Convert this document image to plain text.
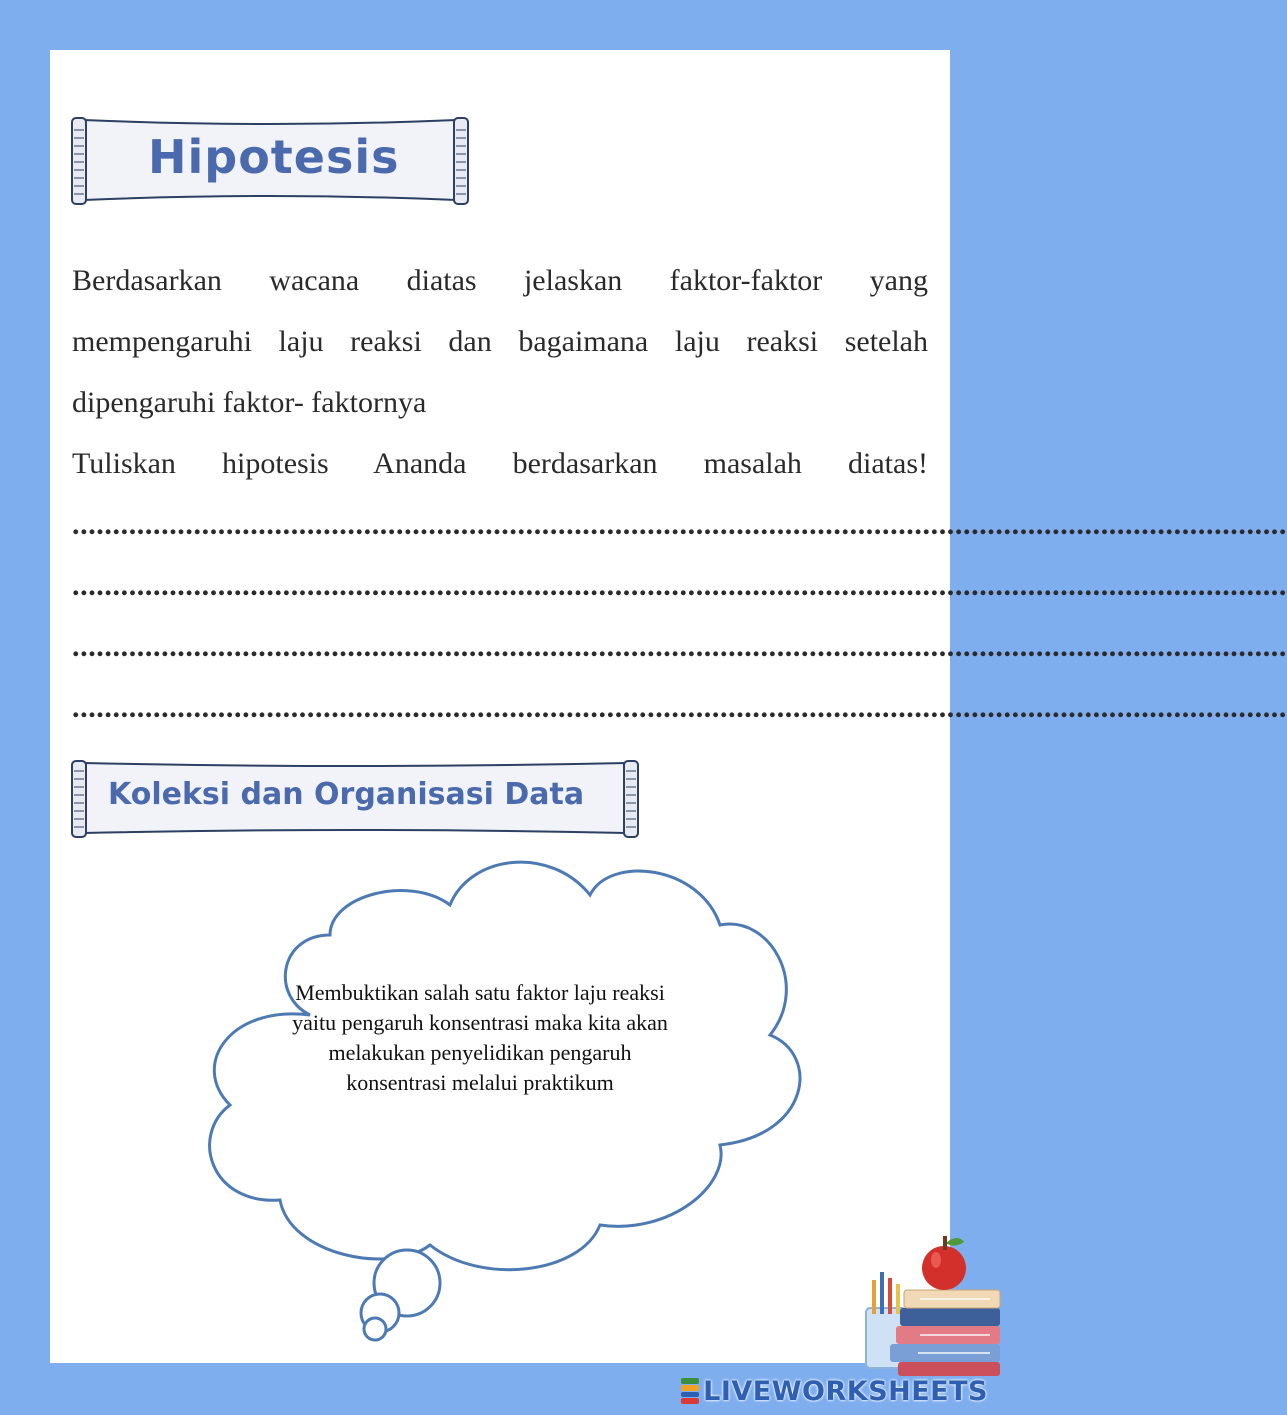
Hipotesis

Berdasarkan wacana diatas jelaskan faktor-faktor yang

mempengaruhi laju reaksi dan bagaimana laju reaksi setelah

dipengaruhi faktor- faktornya

Tuliskan hipotesis Ananda berdasarkan masalah diatas!

......................................................................................................................................................
......................................................................................................................................................
......................................................................................................................................................
......................................................................................................................................................
Koleksi dan Organisasi Data
Membuktikan salah satu faktor laju reaksi yaitu pengaruh konsentrasi maka kita akan melakukan penyelidikan pengaruh konsentrasi melalui praktikum
LIVEWORKSHEETS
